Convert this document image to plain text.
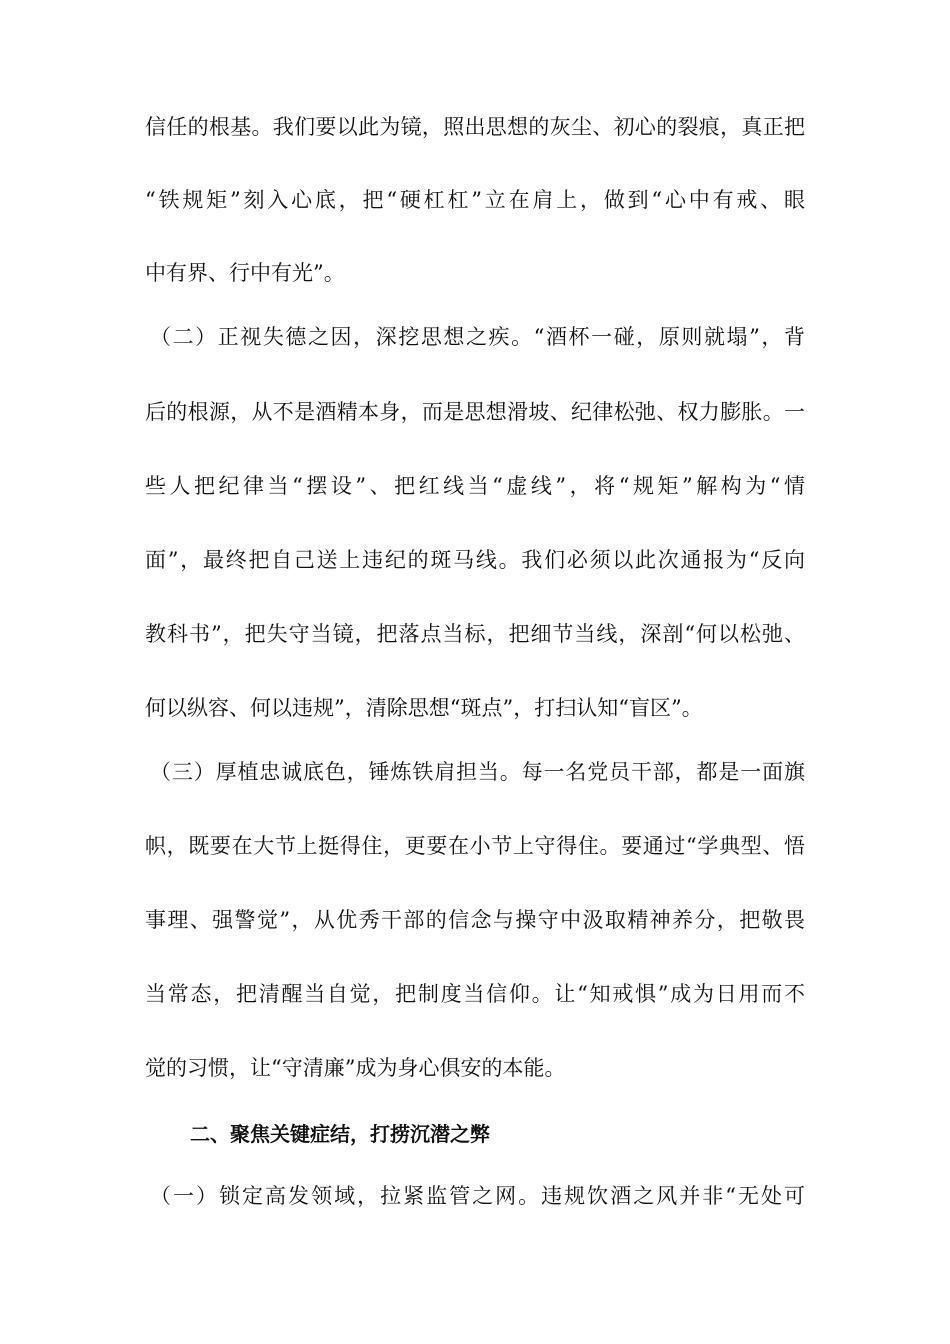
信任的根基。我们要以此为镜，照出思想的灰尘、初心的裂痕，真正把
“铁规矩”刻入心底，把“硬杠杠”立在肩上，做到“心中有戒、眼
中有界、行中有光”。
（二）正视失德之因，深挖思想之疾。“酒杯一碰，原则就塌”，背
后的根源，从不是酒精本身，而是思想滑坡、纪律松弛、权力膨胀。一
些人把纪律当“摆设”、把红线当“虚线”，将“规矩”解构为“情
面”，最终把自己送上违纪的斑马线。我们必须以此次通报为“反向
教科书”，把失守当镜，把落点当标，把细节当线，深剖“何以松弛、
何以纵容、何以违规”，清除思想“斑点”，打扫认知“盲区”。
（三）厚植忠诚底色，锤炼铁肩担当。每一名党员干部，都是一面旗
帜，既要在大节上挺得住，更要在小节上守得住。要通过“学典型、悟
事理、强警觉”，从优秀干部的信念与操守中汲取精神养分，把敬畏
当常态，把清醒当自觉，把制度当信仰。让“知戒惧”成为日用而不
觉的习惯，让“守清廉”成为身心俱安的本能。
二、聚焦关键症结，打捞沉潜之弊
（一）锁定高发领域，拉紧监管之网。违规饮酒之风并非“无处可
